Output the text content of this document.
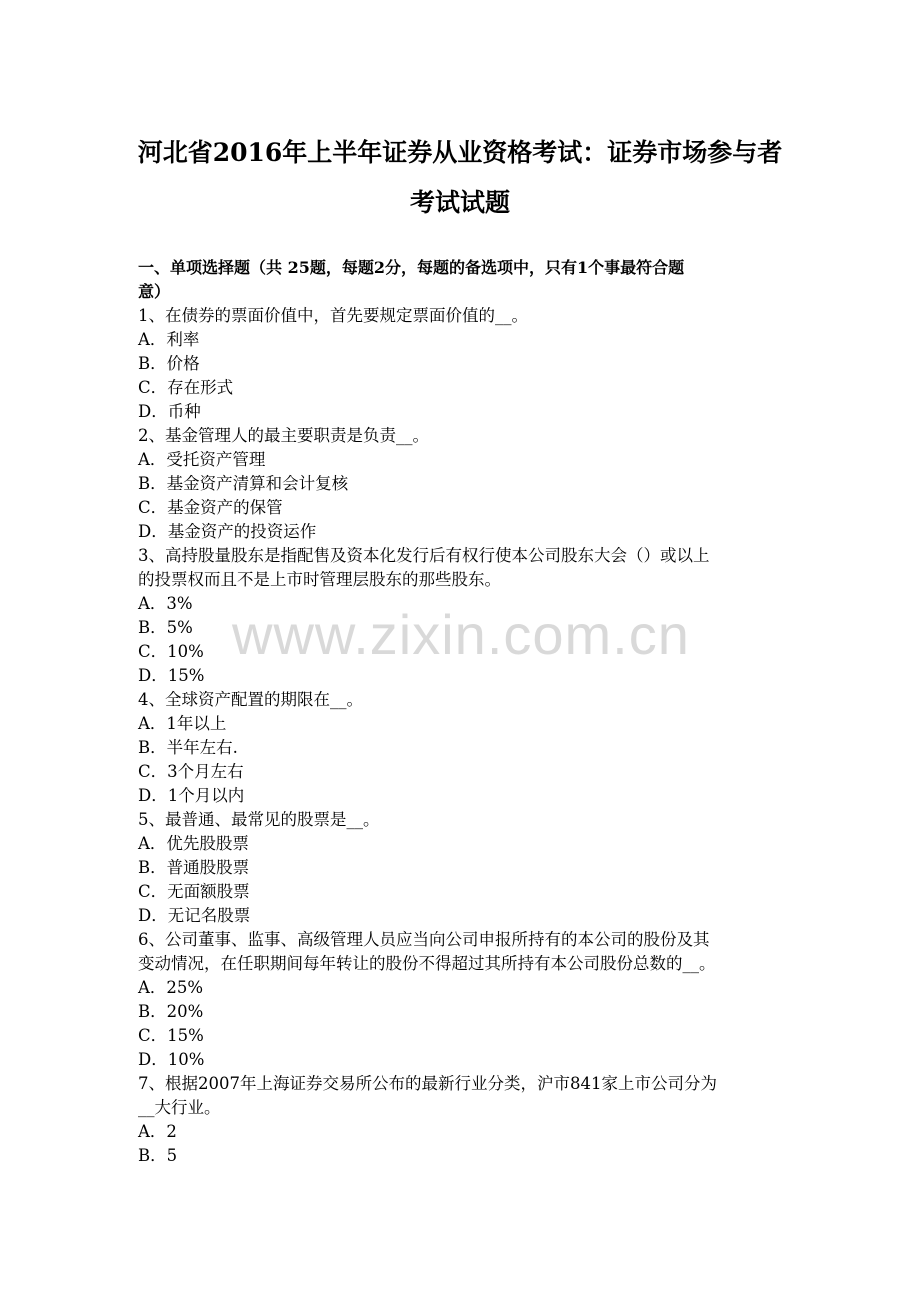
河北省2016年上半年证券从业资格考试：证券市场参与者
考试试题
一、单项选择题（共 25题，每题2分，每题的备选项中，只有1个事最符合题
意）
1、在债券的票面价值中，首先要规定票面价值的__。
A．利率
B．价格
C．存在形式
D．币种
2、基金管理人的最主要职责是负责__。
A．受托资产管理
B．基金资产清算和会计复核
C．基金资产的保管
D．基金资产的投资运作
3、高持股量股东是指配售及资本化发行后有权行使本公司股东大会（）或以上
的投票权而且不是上市时管理层股东的那些股东。
A．3%
B．5%
C．10%
D．15%
4、全球资产配置的期限在__。
A．1年以上
B．半年左右.
C．3个月左右
D．1个月以内
5、最普通、最常见的股票是__。
A．优先股股票
B．普通股股票
C．无面额股票
D．无记名股票
6、公司董事、监事、高级管理人员应当向公司申报所持有的本公司的股份及其
变动情况，在任职期间每年转让的股份不得超过其所持有本公司股份总数的__。
A．25%
B．20%
C．15%
D．10%
7、根据2007年上海证券交易所公布的最新行业分类，沪市841家上市公司分为
__大行业。
A．2
B．5
www.zixin.com.cn
